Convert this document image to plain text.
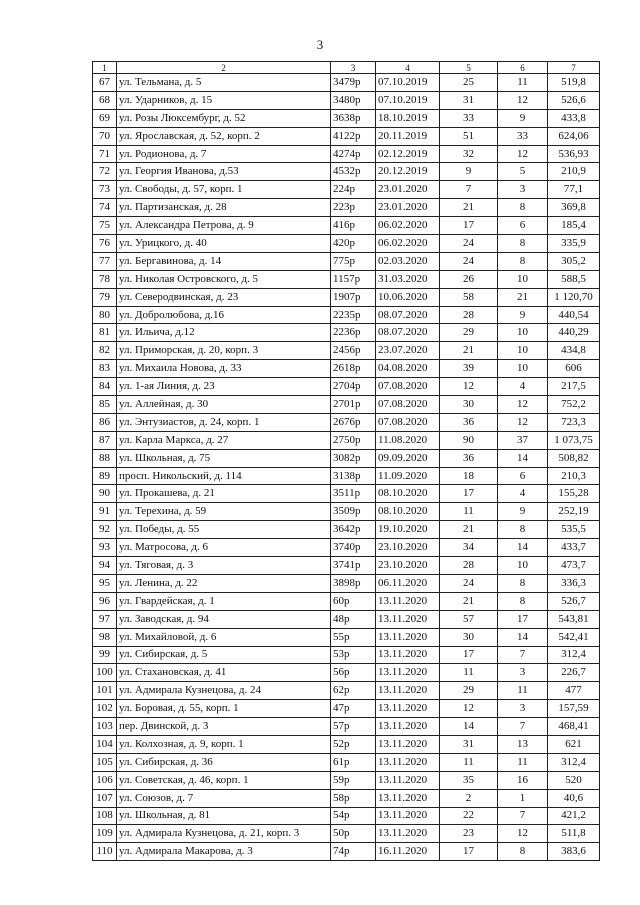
3
1	2	3	4	5	6	7
67	ул. Тельмана, д. 5	3479р	07.10.2019	25	11	519,8
68	ул. Ударников, д. 15	3480р	07.10.2019	31	12	526,6
69	ул. Розы Люксембург, д. 52	3638р	18.10.2019	33	9	433,8
70	ул. Ярославская, д. 52, корп. 2	4122р	20.11.2019	51	33	624,06
71	ул. Родионова, д. 7	4274р	02.12.2019	32	12	536,93
72	ул. Георгия Иванова, д.53	4532р	20.12.2019	9	5	210,9
73	ул. Свободы, д. 57, корп. 1	224р	23.01.2020	7	3	77,1
74	ул. Партизанская, д. 28	223р	23.01.2020	21	8	369,8
75	ул. Александра Петрова, д. 9	416р	06.02.2020	17	6	185,4
76	ул. Урицкого, д. 40	420р	06.02.2020	24	8	335,9
77	ул. Бергавинова, д. 14	775р	02.03.2020	24	8	305,2
78	ул. Николая Островского, д. 5	1157р	31.03.2020	26	10	588,5
79	ул. Северодвинская, д. 23	1907р	10.06.2020	58	21	1 120,70
80	ул. Добролюбова, д.16	2235р	08.07.2020	28	9	440,54
81	ул. Ильича, д.12	2236р	08.07.2020	29	10	440,29
82	ул. Приморская, д. 20, корп. 3	2456р	23.07.2020	21	10	434,8
83	ул. Михаила Новова, д. 33	2618р	04.08.2020	39	10	606
84	ул. 1-ая Линия, д. 23	2704р	07.08.2020	12	4	217,5
85	ул. Аллейная, д. 30	2701р	07.08.2020	30	12	752,2
86	ул. Энтузиастов, д. 24, корп. 1	2676р	07.08.2020	36	12	723,3
87	ул. Карла Маркса, д. 27	2750р	11.08.2020	90	37	1 073,75
88	ул. Школьная, д. 75	3082р	09.09.2020	36	14	508,82
89	просп. Никольский, д. 114	3138р	11.09.2020	18	6	210,3
90	ул. Прокашева, д. 21	3511р	08.10.2020	17	4	155,28
91	ул. Терехина, д. 59	3509р	08.10.2020	11	9	252,19
92	ул. Победы, д. 55	3642р	19.10.2020	21	8	535,5
93	ул. Матросова, д. 6	3740р	23.10.2020	34	14	433,7
94	ул. Тяговая, д. 3	3741р	23.10.2020	28	10	473,7
95	ул. Ленина, д. 22	3898р	06.11.2020	24	8	336,3
96	ул. Гвардейская, д. 1	60р	13.11.2020	21	8	526,7
97	ул. Заводская, д. 94	48р	13.11.2020	57	17	543,81
98	ул. Михайловой, д. 6	55р	13.11.2020	30	14	542,41
99	ул. Сибирская, д. 5	53р	13.11.2020	17	7	312,4
100	ул. Стахановская, д. 41	56р	13.11.2020	11	3	226,7
101	ул. Адмирала Кузнецова, д. 24	62р	13.11.2020	29	11	477
102	ул. Боровая, д. 55, корп. 1	47р	13.11.2020	12	3	157,59
103	пер. Двинской, д. 3	57р	13.11.2020	14	7	468,41
104	ул. Колхозная, д. 9, корп. 1	52р	13.11.2020	31	13	621
105	ул. Сибирская, д. 36	61р	13.11.2020	11	11	312,4
106	ул. Советская, д. 46, корп. 1	59р	13.11.2020	35	16	520
107	ул. Союзов, д. 7	58р	13.11.2020	2	1	40,6
108	ул. Школьная, д. 81	54р	13.11.2020	22	7	421,2
109	ул. Адмирала Кузнецова, д. 21, корп. 3	50р	13.11.2020	23	12	511,8
110	ул. Адмирала Макарова, д. 3	74р	16.11.2020	17	8	383,6
